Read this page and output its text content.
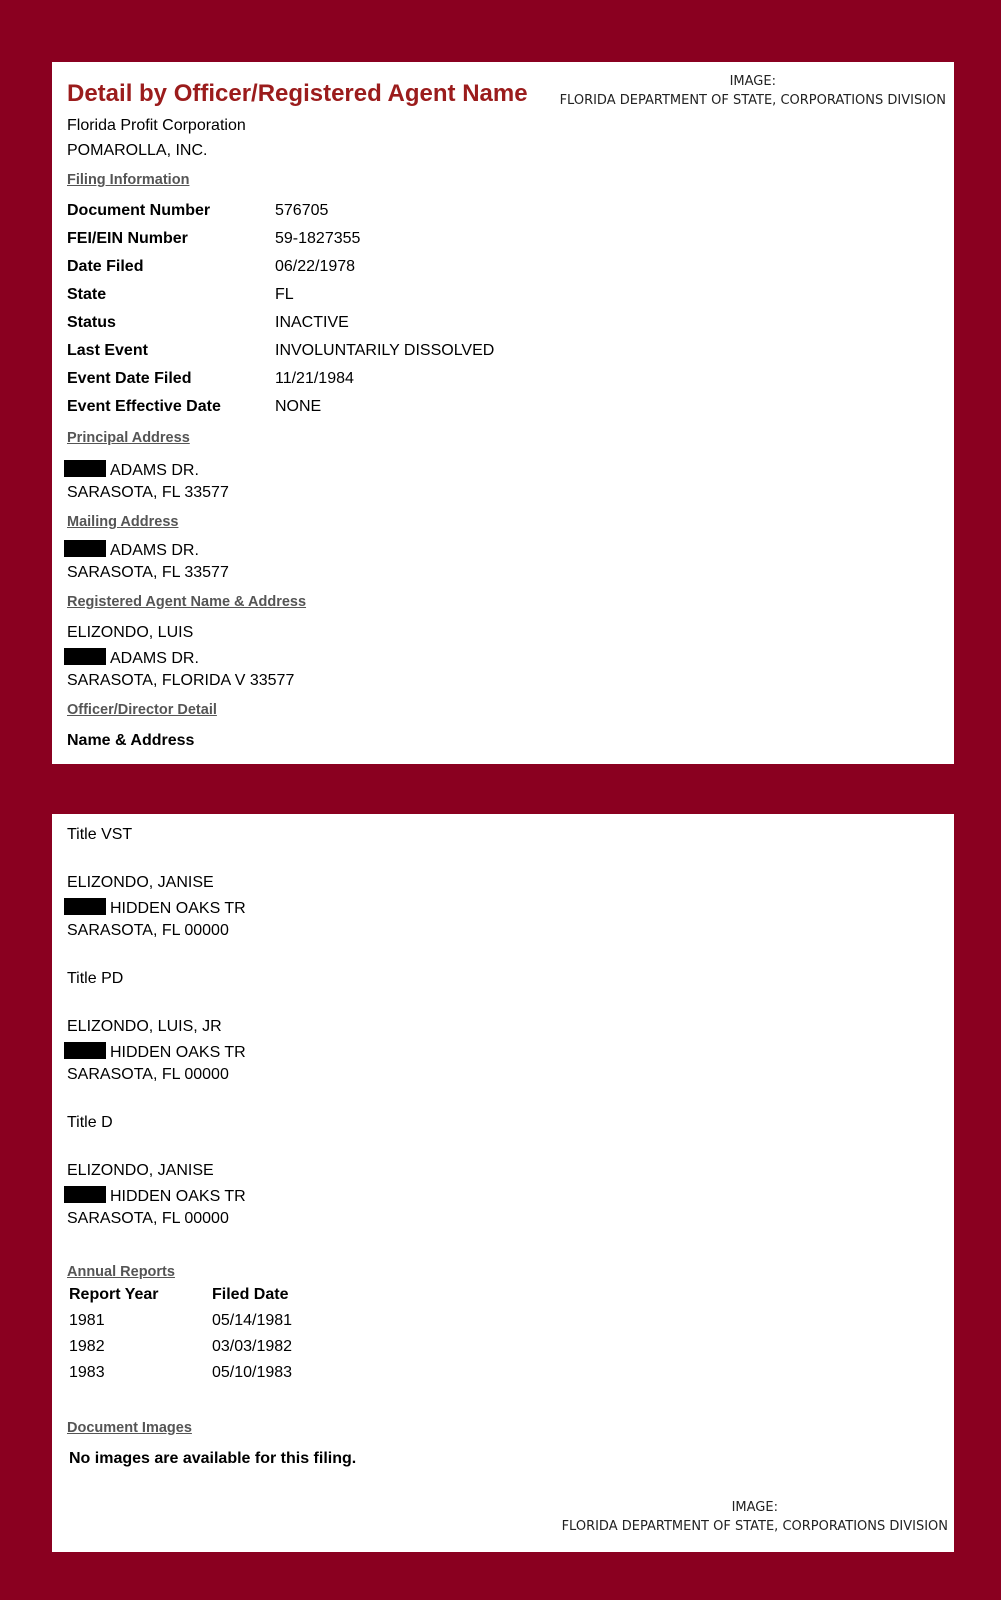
IMAGE:
FLORIDA DEPARTMENT OF STATE, CORPORATIONS DIVISION
Detail by Officer/Registered Agent Name
Florida Profit Corporation
POMAROLLA, INC.
Filing Information
Document Number	576705
FEI/EIN Number	59-1827355
Date Filed	06/22/1978
State	FL
Status	INACTIVE
Last Event	INVOLUNTARILY DISSOLVED
Event Date Filed	11/21/1984
Event Effective Date	NONE
Principal Address
ADAMS DR.
SARASOTA, FL 33577
Mailing Address
ADAMS DR.
SARASOTA, FL 33577
Registered Agent Name & Address
ELIZONDO, LUIS
ADAMS DR.
SARASOTA, FLORIDA V 33577
Officer/Director Detail
Name & Address
Title VST
ELIZONDO, JANISE
HIDDEN OAKS TR
SARASOTA, FL 00000
Title PD
ELIZONDO, LUIS, JR
HIDDEN OAKS TR
SARASOTA, FL 00000
Title D
ELIZONDO, JANISE
HIDDEN OAKS TR
SARASOTA, FL 00000
Annual Reports
Report Year	Filed Date
1981	05/14/1981
1982	03/03/1982
1983	05/10/1983
Document Images
No images are available for this filing.
IMAGE:
FLORIDA DEPARTMENT OF STATE, CORPORATIONS DIVISION
